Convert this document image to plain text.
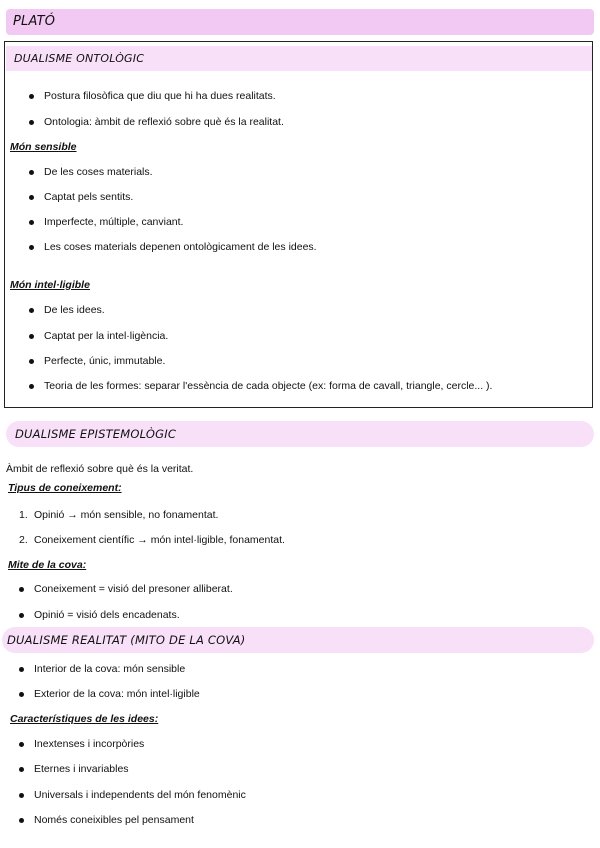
PLATÓ
DUALISME ONTOLÒGIC
Postura filosòfica que diu que hi ha dues realitats.
Ontologia: àmbit de reflexió sobre què és la realitat.
Món sensible
De les coses materials.
Captat pels sentits.
Imperfecte, múltiple, canviant.
Les coses materials depenen ontològicament de les idees.
Món intel·ligible
De les idees.
Captat per la intel·ligència.
Perfecte, únic, immutable.
Teoria de les formes: separar l'essència de cada objecte (ex: forma de cavall, triangle, cercle... ).
DUALISME EPISTEMOLÒGIC
Àmbit de reflexió sobre què és la veritat.
Tipus de coneixement:
1. Opinió → món sensible, no fonamentat.
2. Coneixement científic → món intel·ligible, fonamentat.
Mite de la cova:
Coneixement = visió del presoner alliberat.
Opinió = visió dels encadenats.
DUALISME REALITAT (MITO DE LA COVA)
Interior de la cova: món sensible
Exterior de la cova: món intel·ligible
Característiques de les idees:
Inextenses i incorpòries
Eternes i invariables
Universals i independents del món fenomènic
Només coneixibles pel pensament
